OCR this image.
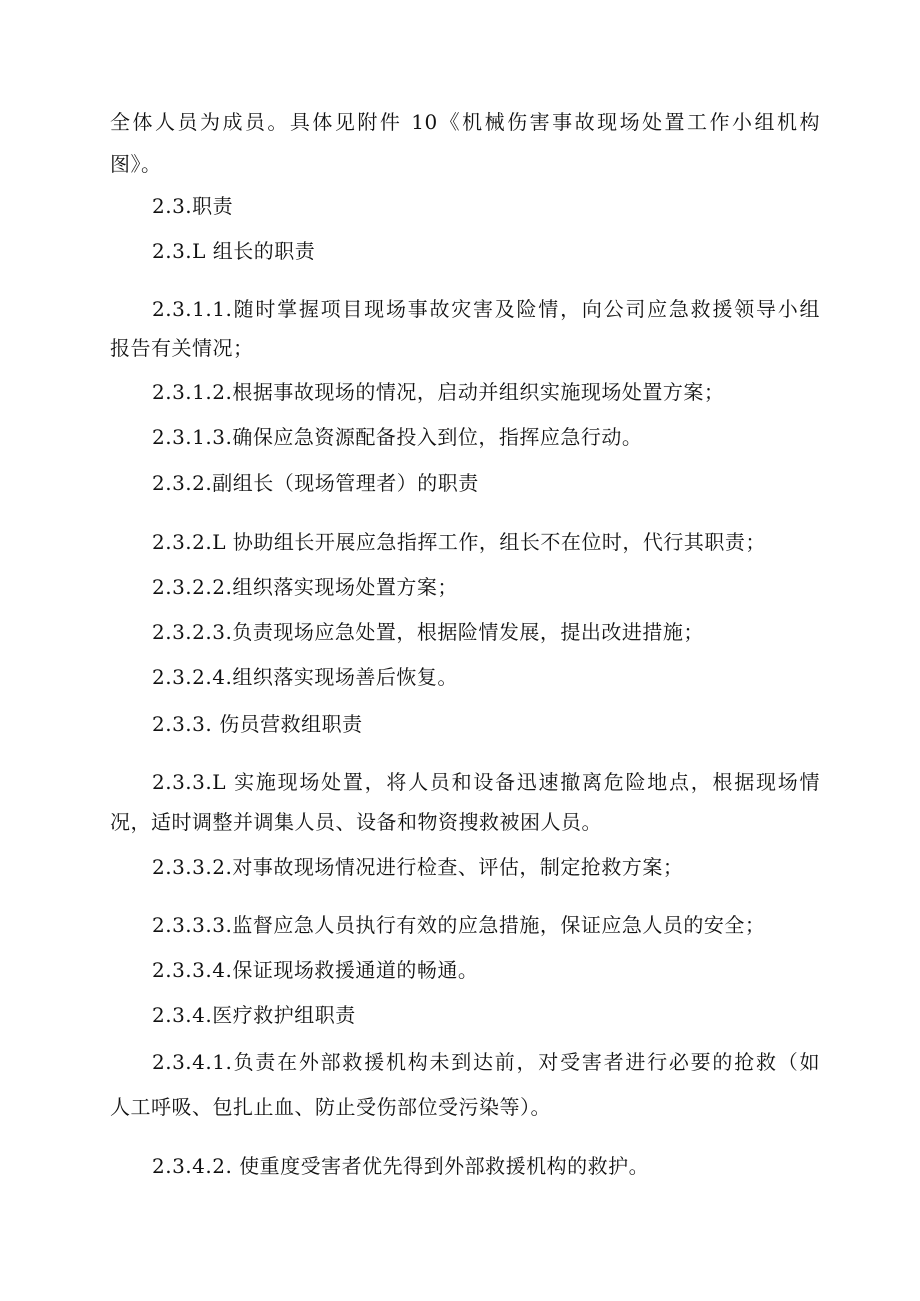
全体人员为成员。具体见附件 10《机械伤害事故现场处置工作小组机构
图》。
2.3.职责
2.3.L 组长的职责
2.3.1.1.随时掌握项目现场事故灾害及险情，向公司应急救援领导小组
报告有关情况；
2.3.1.2.根据事故现场的情况，启动并组织实施现场处置方案；
2.3.1.3.确保应急资源配备投入到位，指挥应急行动。
2.3.2.副组长（现场管理者）的职责
2.3.2.L 协助组长开展应急指挥工作，组长不在位时，代行其职责；
2.3.2.2.组织落实现场处置方案；
2.3.2.3.负责现场应急处置，根据险情发展，提出改进措施；
2.3.2.4.组织落实现场善后恢复。
2.3.3. 伤员营救组职责
2.3.3.L 实施现场处置，将人员和设备迅速撤离危险地点，根据现场情
况，适时调整并调集人员、设备和物资搜救被困人员。
2.3.3.2.对事故现场情况进行检查、评估，制定抢救方案；
2.3.3.3.监督应急人员执行有效的应急措施，保证应急人员的安全；
2.3.3.4.保证现场救援通道的畅通。
2.3.4.医疗救护组职责
2.3.4.1.负责在外部救援机构未到达前，对受害者进行必要的抢救（如
人工呼吸、包扎止血、防止受伤部位受污染等）。
2.3.4.2. 使重度受害者优先得到外部救援机构的救护。
